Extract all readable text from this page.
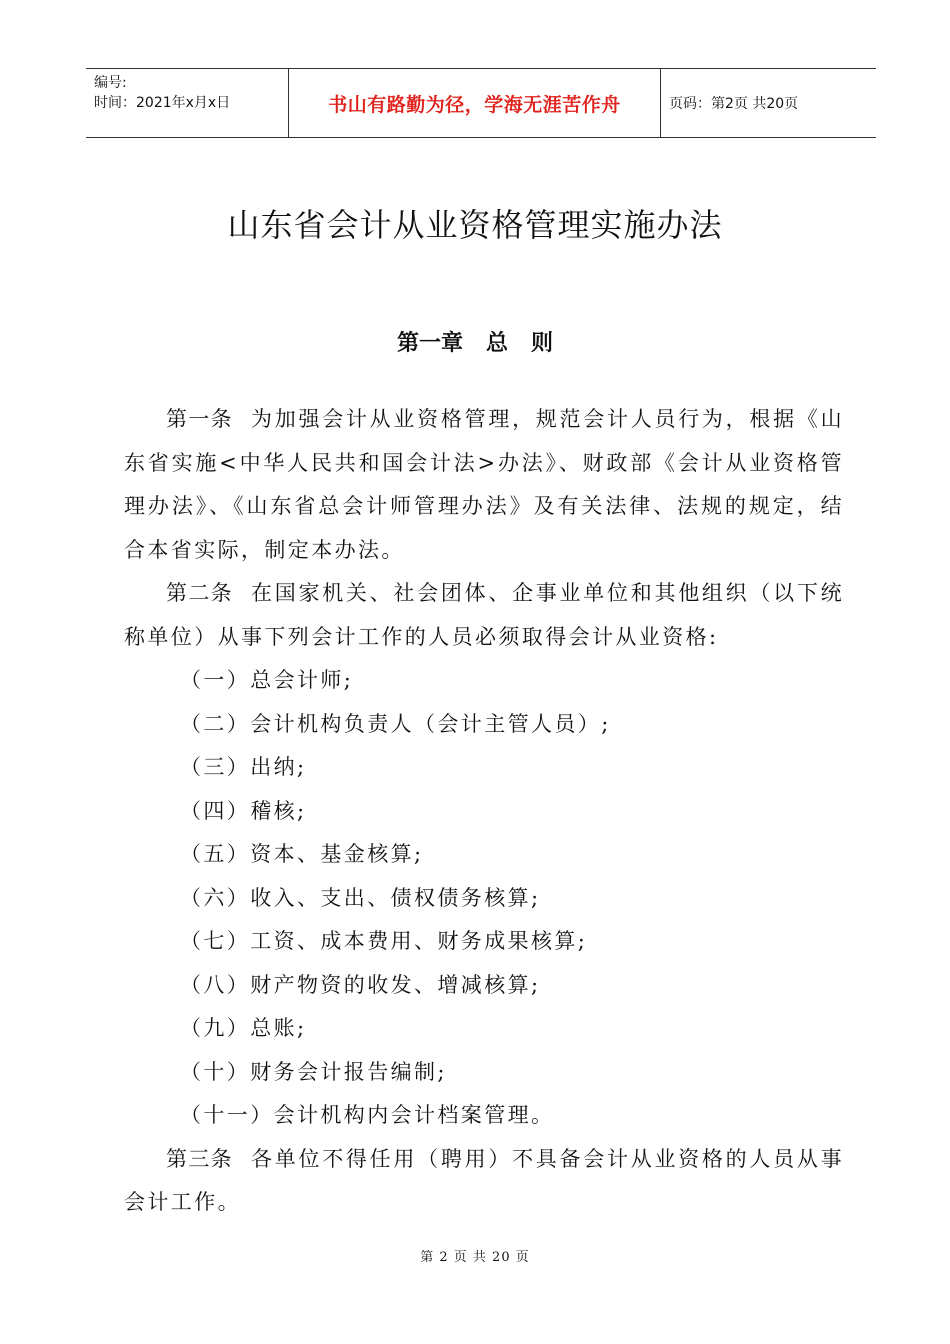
编号:
时间：2021年x月x日	书山有路勤为径，学海无涯苦作舟	页码：第2页 共20页
山东省会计从业资格管理实施办法
第一章   总   则

第一条 为加强会计从业资格管理，规范会计人员行为，根据《山东省实施<中华人民共和国会计法>办法》、财政部《会计从业资格管理办法》、《山东省总会计师管理办法》及有关法律、法规的规定，结合本省实际，制定本办法。

第二条 在国家机关、社会团体、企事业单位和其他组织（以下统称单位）从事下列会计工作的人员必须取得会计从业资格:

（一）总会计师;

（二）会计机构负责人（会计主管人员）;

（三）出纳;

（四）稽核;

（五）资本、基金核算;

（六）收入、支出、债权债务核算;

（七）工资、成本费用、财务成果核算;

（八）财产物资的收发、增减核算;

（九）总账;

（十）财务会计报告编制;

（十一）会计机构内会计档案管理。

第三条 各单位不得任用（聘用）不具备会计从业资格的人员从事会计工作。

第 2 页 共 20 页
